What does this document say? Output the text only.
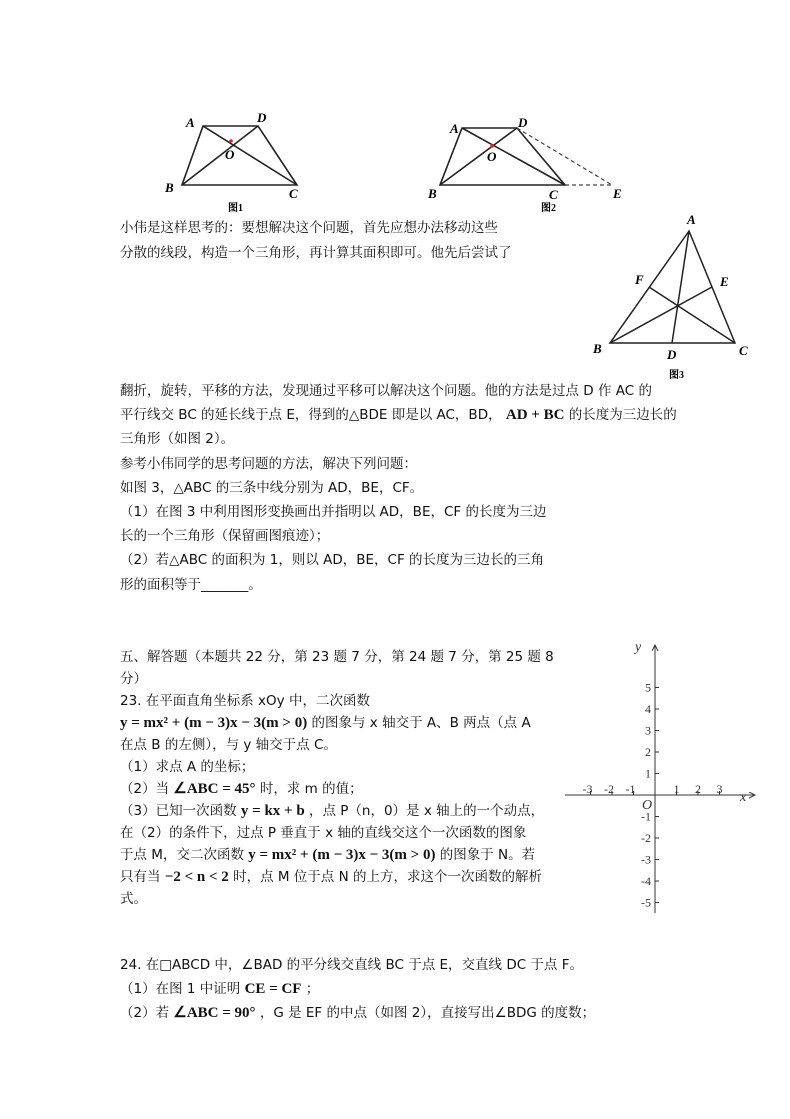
A	D
O
B	C
图1
A	D
O
B	C	E
图2
A
F	E
B	D	C
图3
小伟是这样思考的：要想解决这个问题，首先应想办法移动这些
分散的线段，构造一个三角形，再计算其面积即可。他先后尝试了
翻折，旋转，平移的方法，发现通过平移可以解决这个问题。他的方法是过点 D 作 AC 的
平行线交 BC 的延长线于点 E，得到的△BDE 即是以 AC，BD， AD + BC 的长度为三边长的
三角形（如图 2）。
参考小伟同学的思考问题的方法，解决下列问题：
如图 3，△ABC 的三条中线分别为 AD，BE，CF。
（1）在图 3 中利用图形变换画出并指明以 AD，BE，CF 的长度为三边
长的一个三角形（保留画图痕迹）；
（2）若△ABC 的面积为 1，则以 AD，BE，CF 的长度为三边长的三角
形的面积等于_______。
五、解答题（本题共 22 分，第 23 题 7 分，第 24 题 7 分，第 25 题 8
分）
23. 在平面直角坐标系 xOy 中，二次函数
y = mx² + (m − 3)x − 3(m > 0) 的图象与 x 轴交于 A、B 两点（点 A
在点 B 的左侧），与 y 轴交于点 C。
（1）求点 A 的坐标；
（2）当 ∠ABC = 45° 时，求 m 的值；
（3）已知一次函数 y = kx + b ，点 P（n，0）是 x 轴上的一个动点，
在（2）的条件下，过点 P 垂直于 x 轴的直线交这个一次函数的图象
于点 M，交二次函数 y = mx² + (m − 3)x − 3(m > 0) 的图象于 N。若
只有当 −2 < n < 2 时，点 M 位于点 N 的上方，求这个一次函数的解析
式。
-3 -2 -1	1 2 3
5
4
3
2
1
-1
-2
-3
-4
-5
x
y
O
24. 在□ABCD 中，∠BAD 的平分线交直线 BC 于点 E，交直线 DC 于点 F。
（1）在图 1 中证明 CE = CF ；
（2）若 ∠ABC = 90° ，G 是 EF 的中点（如图 2），直接写出∠BDG 的度数；
